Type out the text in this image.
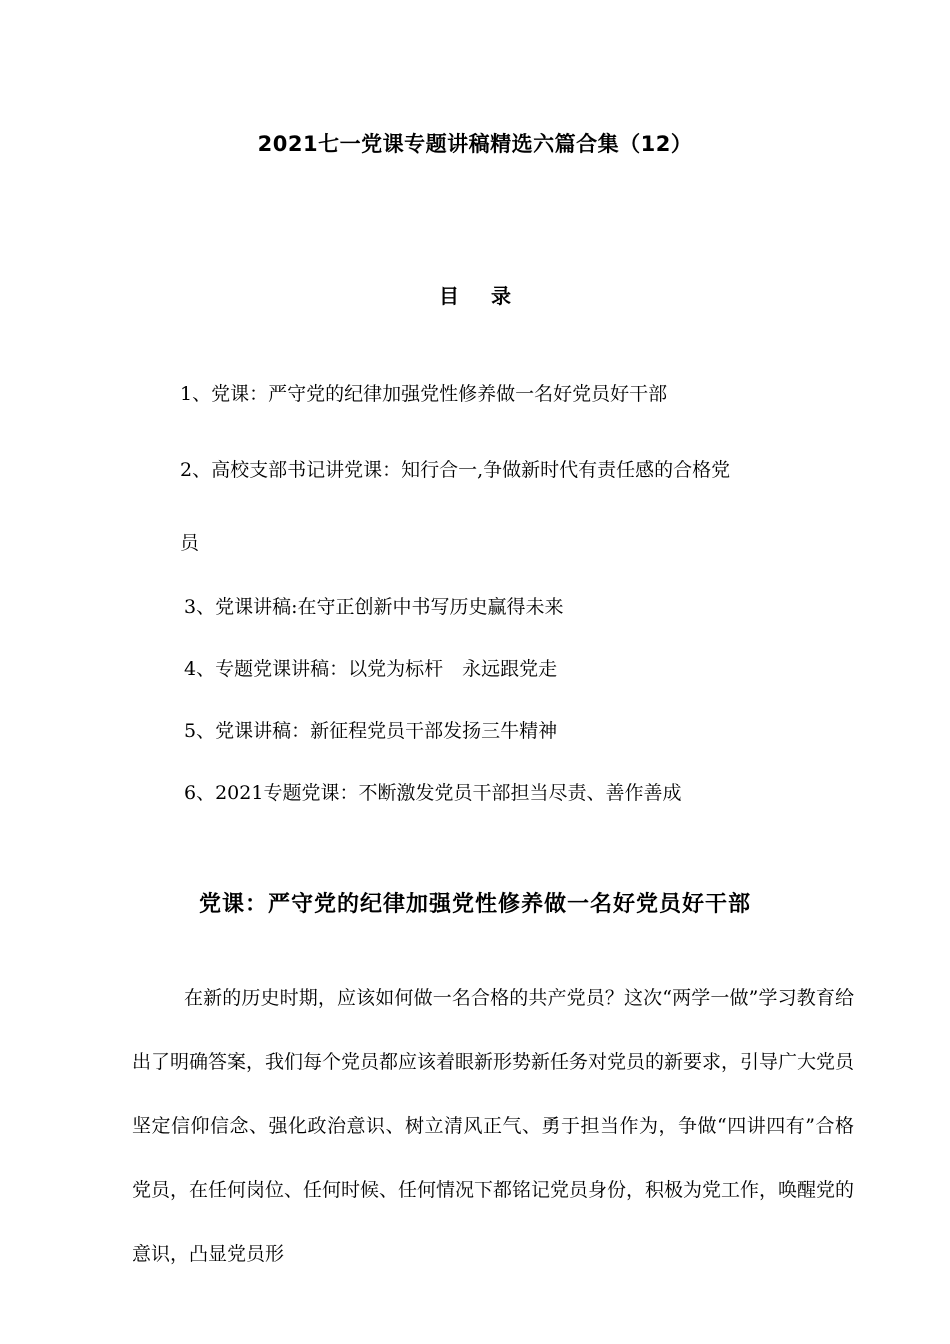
2021七一党课专题讲稿精选六篇合集（12）
目录
1、党课：严守党的纪律加强党性修养做一名好党员好干部
2、高校支部书记讲党课：知行合一,争做新时代有责任感的合格党
员
3、党课讲稿:在守正创新中书写历史赢得未来
4、专题党课讲稿：以党为标杆　永远跟党走
5、党课讲稿：新征程党员干部发扬三牛精神
6、2021专题党课：不断激发党员干部担当尽责、善作善成
党课：严守党的纪律加强党性修养做一名好党员好干部

在新的历史时期，应该如何做一名合格的共产党员？这次“两学一做”学习教育给出了明确答案，我们每个党员都应该着眼新形势新任务对党员的新要求，引导广大党员坚定信仰信念、强化政治意识、树立清风正气、勇于担当作为，争做“四讲四有”合格党员，在任何岗位、任何时候、任何情况下都铭记党员身份，积极为党工作，唤醒党的意识，凸显党员形
